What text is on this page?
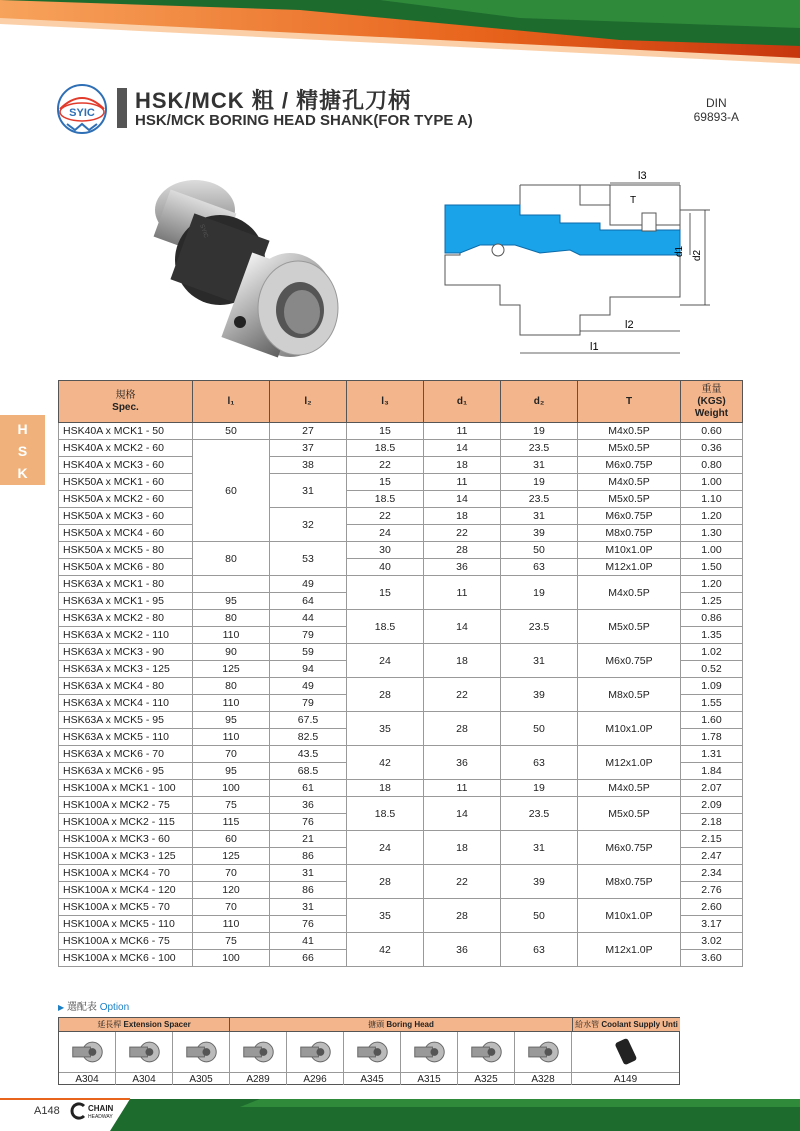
SYIC HSK/MCK 粗 / 精搪孔刀柄
HSK/MCK BORING HEAD SHANK(FOR TYPE A)
DIN
69893-A
SYIC
l3
T
d1 d2
l2
l1
H
S
K
規格
Spec.	l₁	l₂	l₃	d₁	d₂	T	重量
(KGS)
Weight
HSK40A x MCK1 - 50	50	27	15	11	19	M4x0.5P	0.60
HSK40A x MCK2 - 60	60	37	18.5	14	23.5	M5x0.5P	0.36
HSK40A x MCK3 - 60		38	22	18	31	M6x0.75P	0.80
HSK50A x MCK1 - 60		31	15	11	19	M4x0.5P	1.00
HSK50A x MCK2 - 60			18.5	14	23.5	M5x0.5P	1.10
HSK50A x MCK3 - 60		32	22	18	31	M6x0.75P	1.20
HSK50A x MCK4 - 60			24	22	39	M8x0.75P	1.30
HSK50A x MCK5 - 80	80	53	30	28	50	M10x1.0P	1.00
HSK50A x MCK6 - 80			40	36	63	M12x1.0P	1.50
HSK63A x MCK1 - 80		49	15	11	19	M4x0.5P	1.20
HSK63A x MCK1 - 95	95	64					1.25
HSK63A x MCK2 - 80	80	44	18.5	14	23.5	M5x0.5P	0.86
HSK63A x MCK2 - 110	110	79					1.35
HSK63A x MCK3 - 90	90	59	24	18	31	M6x0.75P	1.02
HSK63A x MCK3 - 125	125	94					0.52
HSK63A x MCK4 - 80	80	49	28	22	39	M8x0.5P	1.09
HSK63A x MCK4 - 110	110	79					1.55
HSK63A x MCK5 - 95	95	67.5	35	28	50	M10x1.0P	1.60
HSK63A x MCK5 - 110	110	82.5					1.78
HSK63A x MCK6 - 70	70	43.5	42	36	63	M12x1.0P	1.31
HSK63A x MCK6 - 95	95	68.5					1.84
HSK100A x MCK1 - 100	100	61	18	11	19	M4x0.5P	2.07
HSK100A x MCK2 - 75	75	36	18.5	14	23.5	M5x0.5P	2.09
HSK100A x MCK2 - 115	115	76					2.18
HSK100A x MCK3 - 60	60	21	24	18	31	M6x0.75P	2.15
HSK100A x MCK3 - 125	125	86					2.47
HSK100A x MCK4 - 70	70	31	28	22	39	M8x0.75P	2.34
HSK100A x MCK4 - 120	120	86					2.76
HSK100A x MCK5 - 70	70	31	35	28	50	M10x1.0P	2.60
HSK100A x MCK5 - 110	110	76					3.17
HSK100A x MCK6 - 75	75	41	42	36	63	M12x1.0P	3.02
HSK100A x MCK6 - 100	100	66					3.60
▶ 選配表 Option
延長桿 Extension Spacer	搪頭 Boring Head	給水管 Coolant Supply Unti
A304	A304	A305	A289	A296	A345	A315	A325	A328	A149
A148	CHAIN
HEADWAY
